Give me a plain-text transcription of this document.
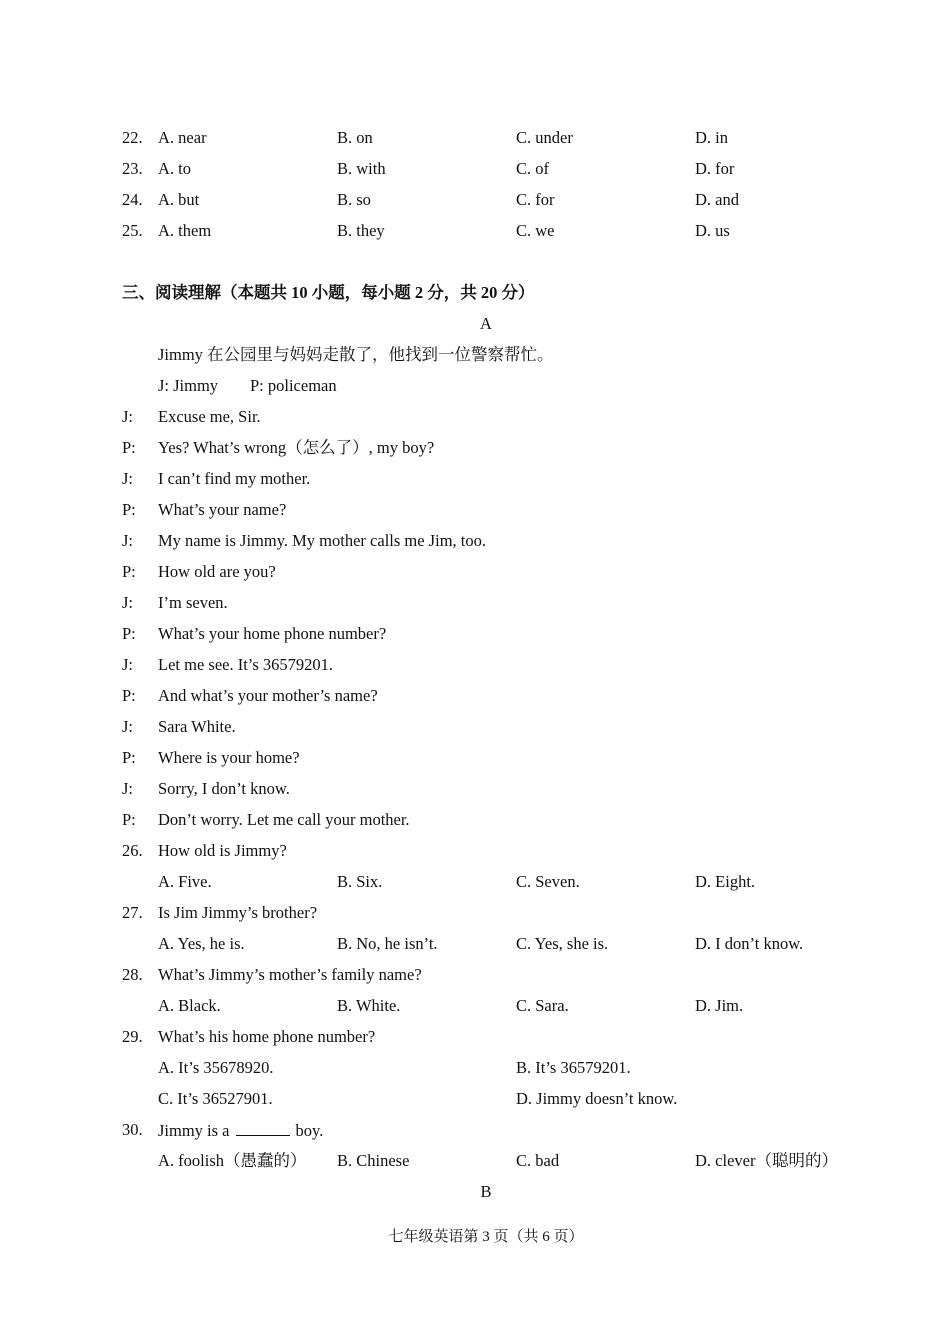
22. A. near	B. on	C. under	D. in
23. A. to	B. with	C. of	D. for
24. A. but	B. so	C. for	D. and
25. A. them	B. they	C. we	D. us
三、阅读理解（本题共 10 小题，每小题 2 分，共 20 分）
A
Jimmy 在公园里与妈妈走散了，他找到一位警察帮忙。
J: Jimmy P: policeman
J: Excuse me, Sir.
P: Yes? What’s wrong（怎么了）, my boy?
J: I can’t find my mother.
P: What’s your name?
J: My name is Jimmy. My mother calls me Jim, too.
P: How old are you?
J: I’m seven.
P: What’s your home phone number?
J: Let me see. It’s 36579201.
P: And what’s your mother’s name?
J: Sara White.
P: Where is your home?
J: Sorry, I don’t know.
P: Don’t worry. Let me call your mother.
26. How old is Jimmy?
A. Five.	B. Six.	C. Seven.	D. Eight.
27. Is Jim Jimmy’s brother?
A. Yes, he is.	B. No, he isn’t.	C. Yes, she is.	D. I don’t know.
28. What’s Jimmy’s mother’s family name?
A. Black.	B. White.	C. Sara.	D. Jim.
29. What’s his home phone number?
A. It’s 35678920.	B. It’s 36579201.
C. It’s 36527901.	D. Jimmy doesn’t know.
30. Jimmy is a	boy.
A. foolish（愚蠢的） B. Chinese	C. bad	D. clever（聪明的）
B
七年级英语第 3 页（共 6 页）
